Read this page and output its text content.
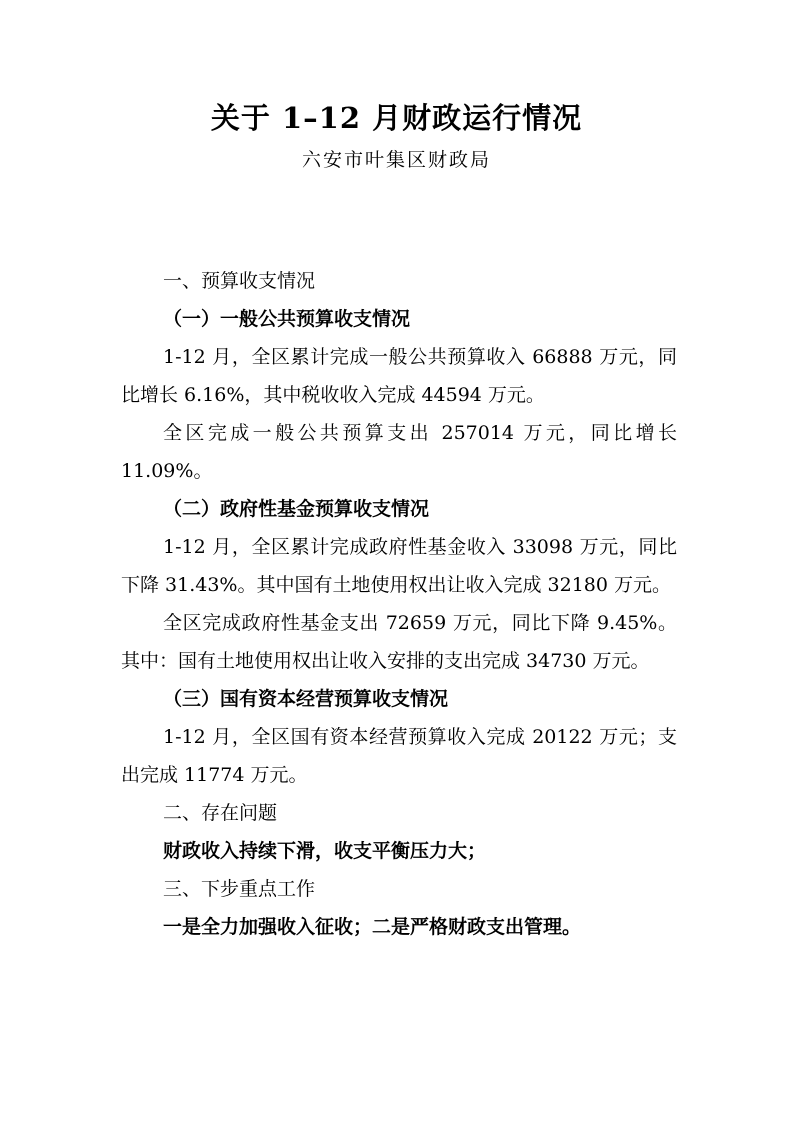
关于 1–12 月财政运行情况
六安市叶集区财政局

一、预算收支情况

（一）一般公共预算收支情况

1-12 月，全区累计完成一般公共预算收入 66888 万元，同比增长 6.16%，其中税收收入完成 44594 万元。

全区完成一般公共预算支出 257014 万元，同比增长 11.09%。

（二）政府性基金预算收支情况

1-12 月，全区累计完成政府性基金收入 33098 万元，同比下降 31.43%。其中国有土地使用权出让收入完成 32180 万元。

全区完成政府性基金支出 72659 万元，同比下降 9.45%。其中：国有土地使用权出让收入安排的支出完成 34730 万元。

（三）国有资本经营预算收支情况

1-12 月，全区国有资本经营预算收入完成 20122 万元；支出完成 11774 万元。

二、存在问题

财政收入持续下滑，收支平衡压力大；

三、下步重点工作

一是全力加强收入征收；二是严格财政支出管理。
